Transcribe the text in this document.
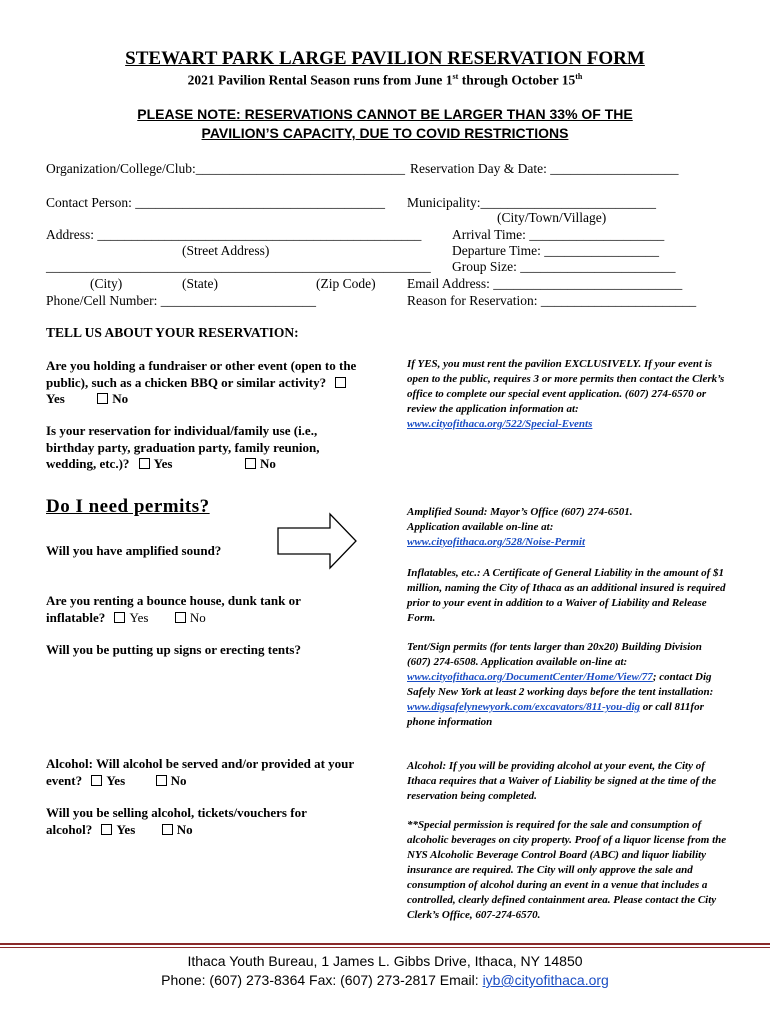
STEWART PARK LARGE PAVILION RESERVATION FORM
2021 Pavilion Rental Season runs from June 1st through October 15th
PLEASE NOTE: RESERVATIONS CANNOT BE LARGER THAN 33% OF THE
PAVILION’S CAPACITY, DUE TO COVID RESTRICTIONS
Organization/College/Club:_______________________________ Reservation Day & Date: ___________________
Contact Person: _____________________________________ Municipality:__________________________
(City/Town/Village)
Address: ________________________________________________ Arrival Time: ____________________
(Street Address)	Departure Time: _________________
_________________________________________________________ Group Size: _______________________
(City)	(State)	(Zip Code) Email Address: ____________________________
Phone/Cell Number: _______________________	Reason for Reservation: _______________________
TELL US ABOUT YOUR RESERVATION:
Are you holding a fundraiser or other event (open to the public), such as a chicken BBQ or similar activity? Yes	No
Is your reservation for individual/family use (i.e., birthday party, graduation party, family reunion, wedding, etc.)? Yes	No
If YES, you must rent the pavilion EXCLUSIVELY. If your event is open to the public, requires 3 or more permits then contact the Clerk’s office to complete our special event application. (607) 274-6570 or review the application information at: www.cityofithaca.org/522/Special-Events
Do I need permits?
Will you have amplified sound?
Amplified Sound: Mayor’s Office (607) 274-6501. Application available on-line at: www.cityofithaca.org/528/Noise-Permit
Are you renting a bounce house, dunk tank or inflatable? Yes	No
Inflatables, etc.: A Certificate of General Liability in the amount of $1 million, naming the City of Ithaca as an additional insured is required prior to your event in addition to a Waiver of Liability and Release Form.
Will you be putting up signs or erecting tents?	Tent/Sign permits (for tents larger than 20x20) Building Division (607) 274-6508. Application available on-line at: www.cityofithaca.org/DocumentCenter/Home/View/77; contact Dig Safely New York at least 2 working days before the tent installation: www.digsafelynewyork.com/excavators/811-you-dig or call 811for phone information
Alcohol: Will alcohol be served and/or provided at your event? Yes	No
Alcohol: If you will be providing alcohol at your event, the City of Ithaca requires that a Waiver of Liability be signed at the time of the reservation being completed.
Will you be selling alcohol, tickets/vouchers for alcohol? Yes	No	**Special permission is required for the sale and consumption of alcoholic beverages on city property. Proof of a liquor license from the NYS Alcoholic Beverage Control Board (ABC) and liquor liability insurance are required. The City will only approve the sale and consumption of alcohol during an event in a venue that includes a controlled, clearly defined containment area. Please contact the City Clerk’s Office, 607-274-6570.
Ithaca Youth Bureau, 1 James L. Gibbs Drive, Ithaca, NY 14850
Phone: (607) 273-8364 Fax: (607) 273-2817 Email: iyb@cityofithaca.org
